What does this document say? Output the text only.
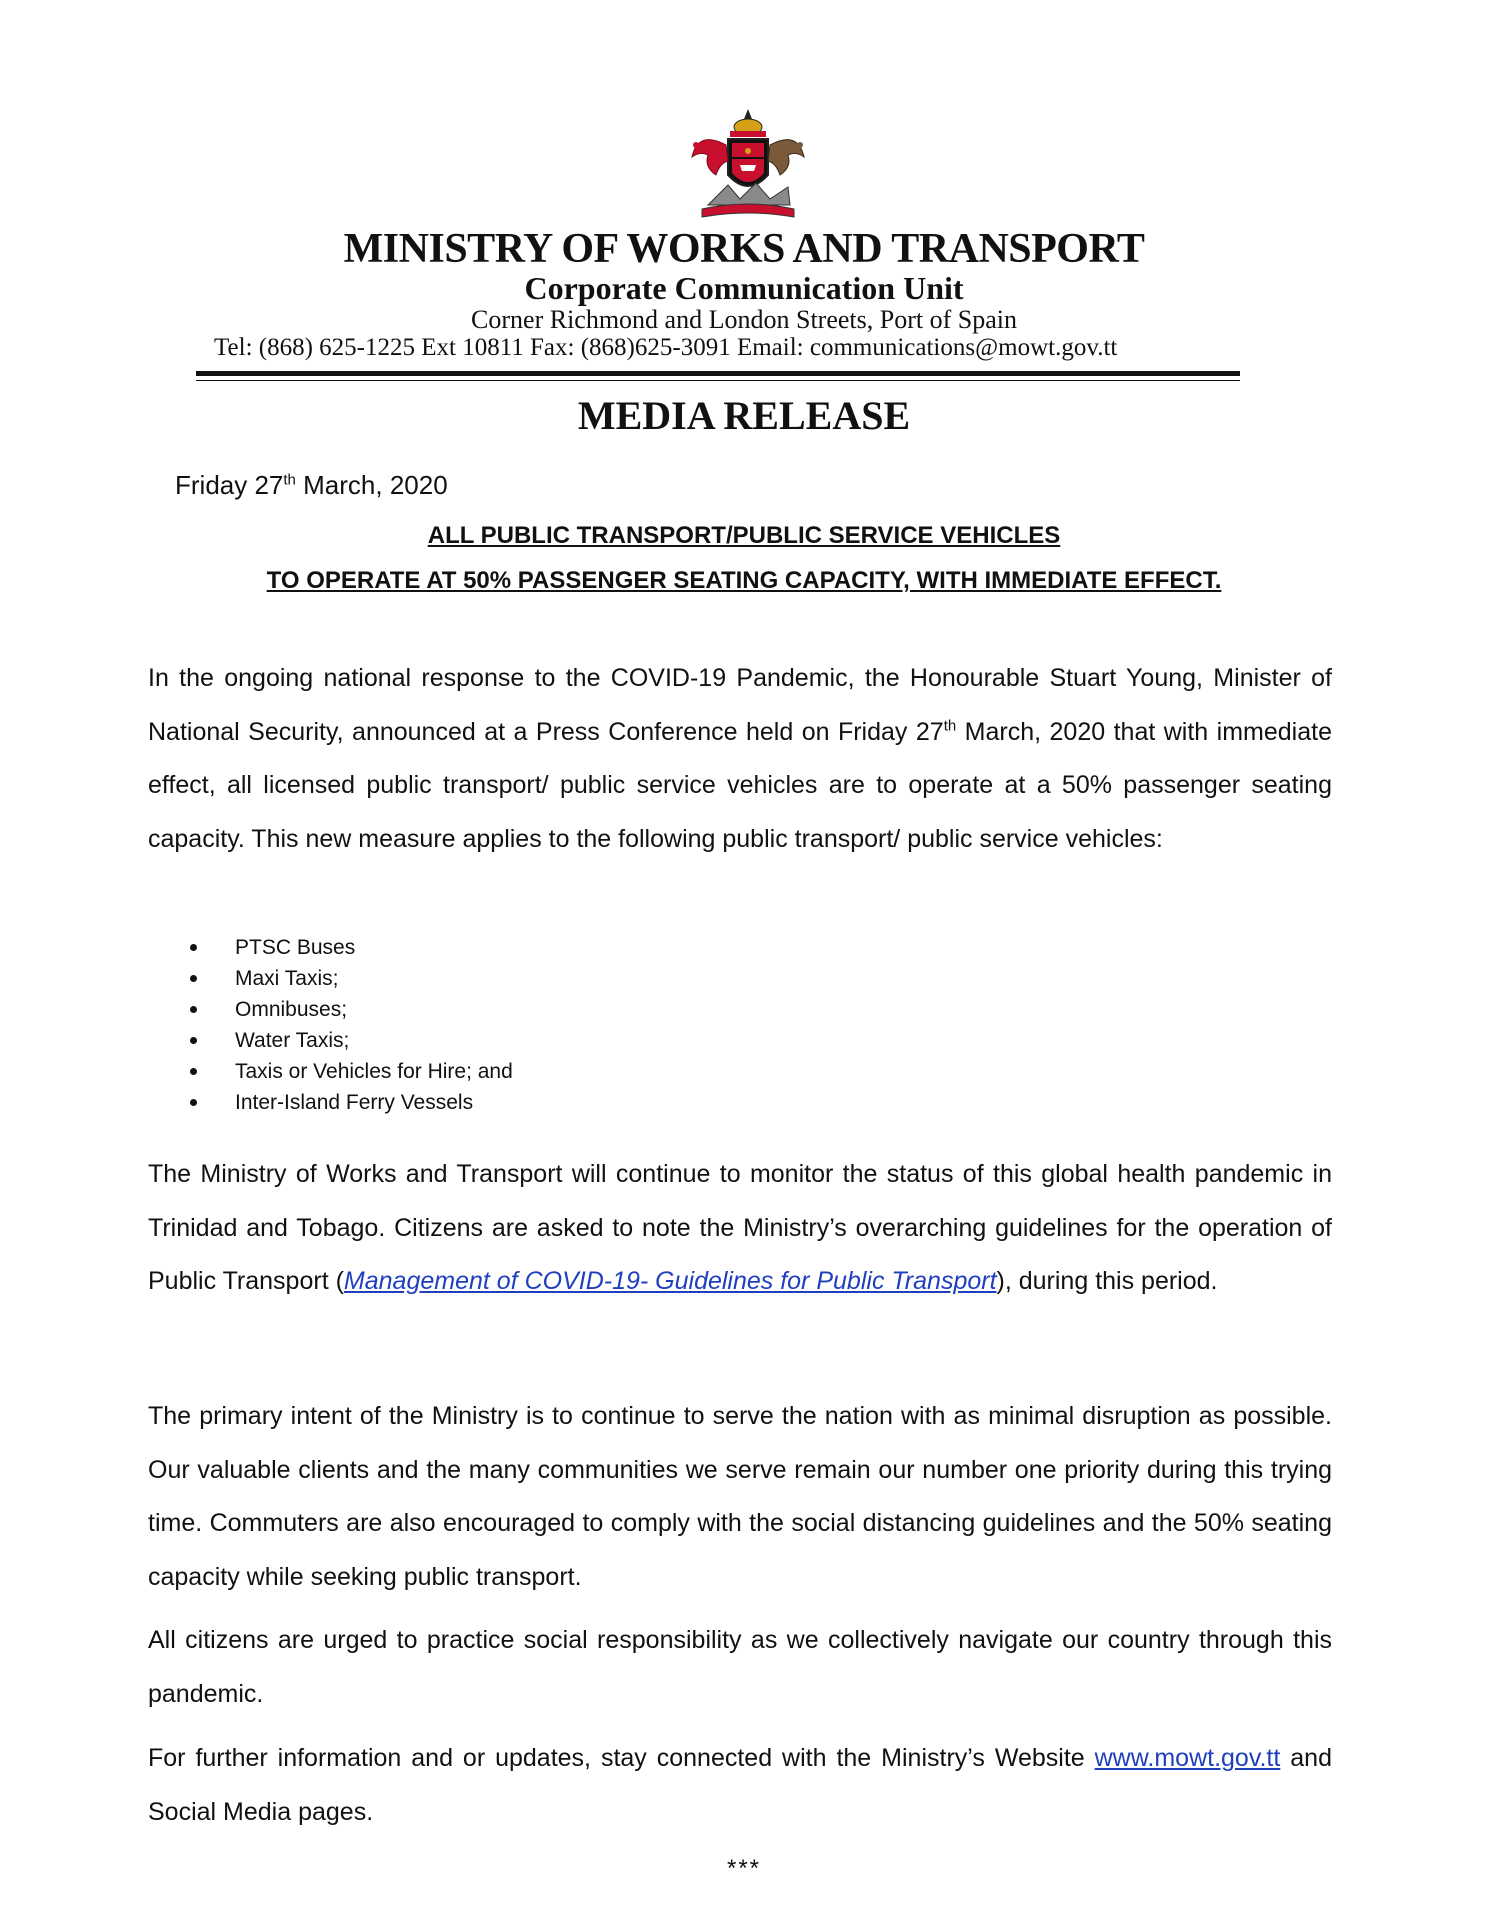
MINISTRY OF WORKS AND TRANSPORT
Corporate Communication Unit
Corner Richmond and London Streets, Port of Spain
Tel: (868) 625-1225 Ext 10811 Fax: (868)625-3091 Email: communications@mowt.gov.tt
MEDIA RELEASE
Friday 27th March, 2020
ALL PUBLIC TRANSPORT/PUBLIC SERVICE VEHICLES
TO OPERATE AT 50% PASSENGER SEATING CAPACITY, WITH IMMEDIATE EFFECT.

In the ongoing national response to the COVID-19 Pandemic, the Honourable Stuart Young, Minister of National Security, announced at a Press Conference held on Friday 27th March, 2020 that with immediate effect, all licensed public transport/ public service vehicles are to operate at a 50% passenger seating capacity. This new measure applies to the following public transport/ public service vehicles:

PTSC Buses
Maxi Taxis;
Omnibuses;
Water Taxis;
Taxis or Vehicles for Hire; and
Inter-Island Ferry Vessels

The Ministry of Works and Transport will continue to monitor the status of this global health pandemic in Trinidad and Tobago. Citizens are asked to note the Ministry’s overarching guidelines for the operation of Public Transport (Management of COVID-19- Guidelines for Public Transport), during this period.

The primary intent of the Ministry is to continue to serve the nation with as minimal disruption as possible. Our valuable clients and the many communities we serve remain our number one priority during this trying time. Commuters are also encouraged to comply with the social distancing guidelines and the 50% seating capacity while seeking public transport.

All citizens are urged to practice social responsibility as we collectively navigate our country through this pandemic.

For further information and or updates, stay connected with the Ministry’s Website www.mowt.gov.tt and Social Media pages.

***
